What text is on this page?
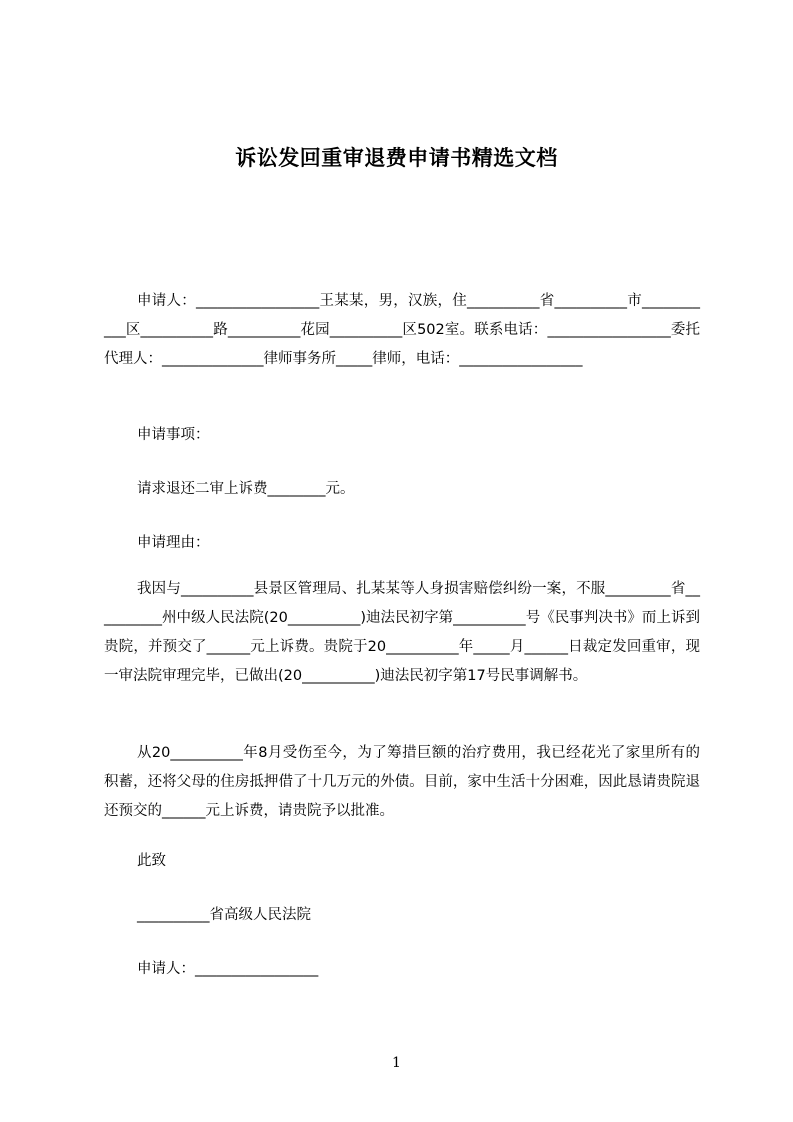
诉讼发回重审退费申请书精选文档

申请人：_________________王某某，男，汉族，住__________省__________市___________区__________路__________花园__________区502室。联系电话：_________________委托代理人：______________律师事务所_____律师，电话：_________________

申请事项：

请求退还二审上诉费________元。

申请理由：

我因与__________县景区管理局、扎某某等人身损害赔偿纠纷一案，不服_________省__________州中级人民法院(20__________)迪法民初字第__________号《民事判决书》而上诉到贵院，并预交了______元上诉费。贵院于20__________年_____月______日裁定发回重审，现一审法院审理完毕，已做出(20__________)迪法民初字第17号民事调解书。

从20__________年8月受伤至今，为了筹措巨额的治疗费用，我已经花光了家里所有的积蓄，还将父母的住房抵押借了十几万元的外债。目前，家中生活十分困难，因此恳请贵院退还预交的______元上诉费，请贵院予以批准。

此致

__________省高级人民法院

申请人：_________________

1
